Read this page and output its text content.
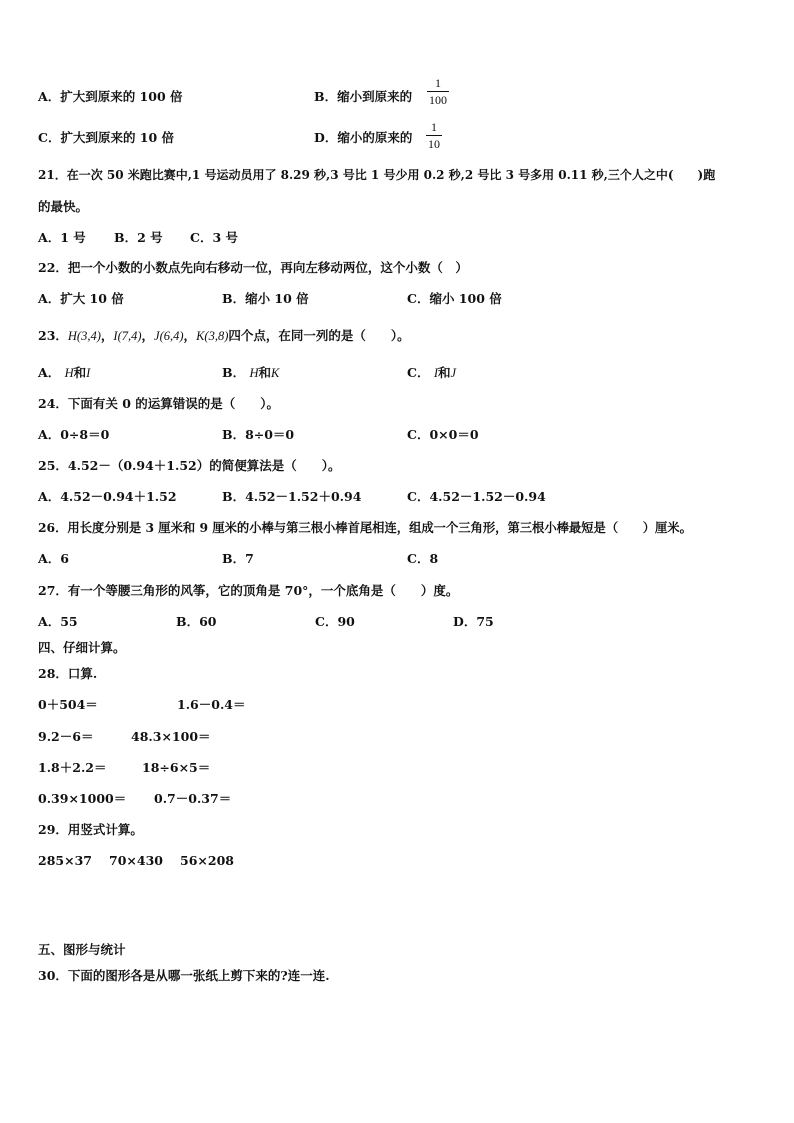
A．扩大到原来的 100 倍	B．缩小到原来的
1
100
C．扩大到原来的 10 倍	D．缩小的原来的
1
10
21．在一次 50 米跑比赛中,1 号运动员用了 8.29 秒,3 号比 1 号少用 0.2 秒,2 号比 3 号多用 0.11 秒,三个人之中(　　)跑
的最快。
A．1 号 B．2 号 C．3 号
22．把一个小数的小数点先向右移动一位，再向左移动两位，这个小数（　）
A．扩大 10 倍	B．缩小 10 倍	C．缩小 100 倍
23．H(3,4)，I(7,4)，J(6,4)，K(3,8)四个点，在同一列的是（　　）。
A． H和I	B． H和K	C． I和J
24．下面有关 0 的运算错误的是（　　）。
A．0÷8＝0	B．8÷0＝0	C．0×0＝0
25．4.52－（0.94＋1.52）的简便算法是（　　）。
A．4.52－0.94＋1.52	B．4.52－1.52＋0.94	C．4.52－1.52－0.94
26．用长度分别是 3 厘米和 9 厘米的小棒与第三根小棒首尾相连，组成一个三角形，第三根小棒最短是（　　）厘米。
A．6	B．7	C．8
27．有一个等腰三角形的风筝，它的顶角是 70°，一个底角是（　　）度。
A．55	B．60	C．90	D．75
四、仔细计算。
28．口算.
0＋504＝	1.6－0.4＝
9.2－6＝	48.3×100＝
1.8＋2.2＝	18÷6×5＝
0.39×1000＝ 0.7－0.37＝
29．用竖式计算。
285×37 70×430 56×208
五、图形与统计
30．下面的图形各是从哪一张纸上剪下来的?连一连.
